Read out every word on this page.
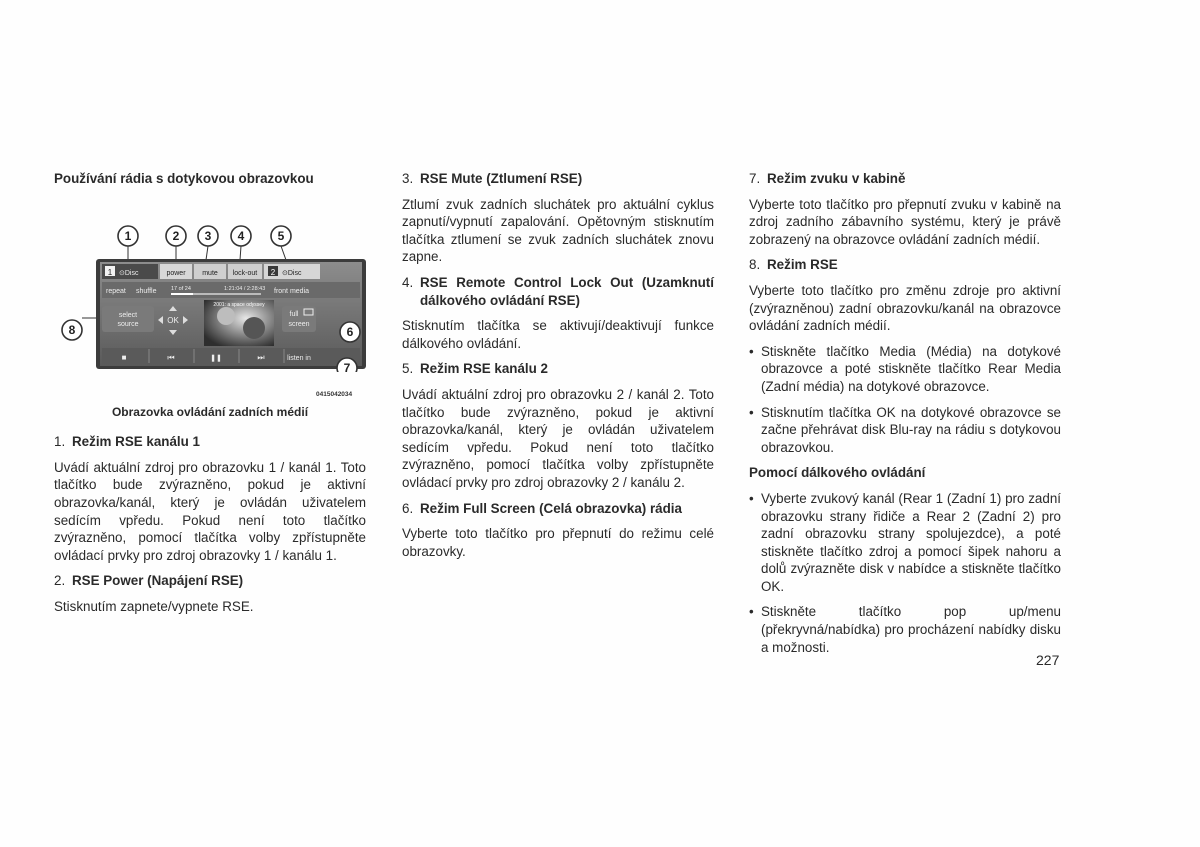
Používání rádia s dotykovou obrazovkou
1 ⊙Disc	power mute lock-out 2 ⊙Disc
repeat shuffle	17 of 24	1:21:04 / 2:28:43 front media
select
source	OK
2001: a space odyssey
full
screen
■	⏮	❚❚	⏭	listen in
1	2 3 4	5
6
7
8
0415042034
Obrazovka ovládání zadních médií
1. Režim RSE kanálu 1

Uvádí aktuální zdroj pro obrazovku 1 / kanál 1. Toto tlačítko bude zvýrazněno, pokud je aktivní obrazovka/kanál, který je ovládán uživatelem sedícím vpředu. Pokud není toto tlačítko zvýrazněno, pomocí tlačítka volby zpřístupněte ovládací prvky pro zdroj obrazovky 1 / kanálu 1.

2. RSE Power (Napájení RSE)

Stisknutím zapnete/vypnete RSE.

3. RSE Mute (Ztlumení RSE)

Ztlumí zvuk zadních sluchátek pro aktuální cyklus zapnutí/vypnutí zapalování. Opětovným stisknutím tlačítka ztlumení se zvuk zadních sluchátek znovu zapne.

4. RSE Remote Control Lock Out (Uzamknutí dálkového ovládání RSE)

Stisknutím tlačítka se aktivují/deaktivují funkce dálkového ovládání.

5. Režim RSE kanálu 2

Uvádí aktuální zdroj pro obrazovku 2 / kanál 2. Toto tlačítko bude zvýrazněno, pokud je aktivní obrazovka/kanál, který je ovládán uživatelem sedícím vpředu. Pokud není toto tlačítko zvýrazněno, pomocí tlačítka volby zpřístupněte ovládací prvky pro zdroj obrazovky 2 / kanálu 2.

6. Režim Full Screen (Celá obrazovka) rádia

Vyberte toto tlačítko pro přepnutí do režimu celé obrazovky.

7. Režim zvuku v kabině

Vyberte toto tlačítko pro přepnutí zvuku v kabině na zdroj zadního zábavního systému, který je právě zobrazený na obrazovce ovládání zadních médií.

8. Režim RSE

Vyberte toto tlačítko pro změnu zdroje pro aktivní (zvýrazněnou) zadní obrazovku/kanál na obrazovce ovládání zadních médií.

• Stiskněte tlačítko Media (Média) na dotykové obrazovce a poté stiskněte tlačítko Rear Media (Zadní média) na dotykové obrazovce.
• Stisknutím tlačítka OK na dotykové obrazovce se začne přehrávat disk Blu-ray na rádiu s dotykovou obrazovkou.
Pomocí dálkového ovládání
• Vyberte zvukový kanál (Rear 1 (Zadní 1) pro zadní obrazovku strany řidiče a Rear 2 (Zadní 2) pro zadní obrazovku strany spolujezdce), a poté stiskněte tlačítko zdroj a pomocí šipek nahoru a dolů zvýrazněte disk v nabídce a stiskněte tlačítko OK.
• Stiskněte tlačítko pop up/menu (překryvná/nabídka) pro procházení nabídky disku a možnosti.
227
